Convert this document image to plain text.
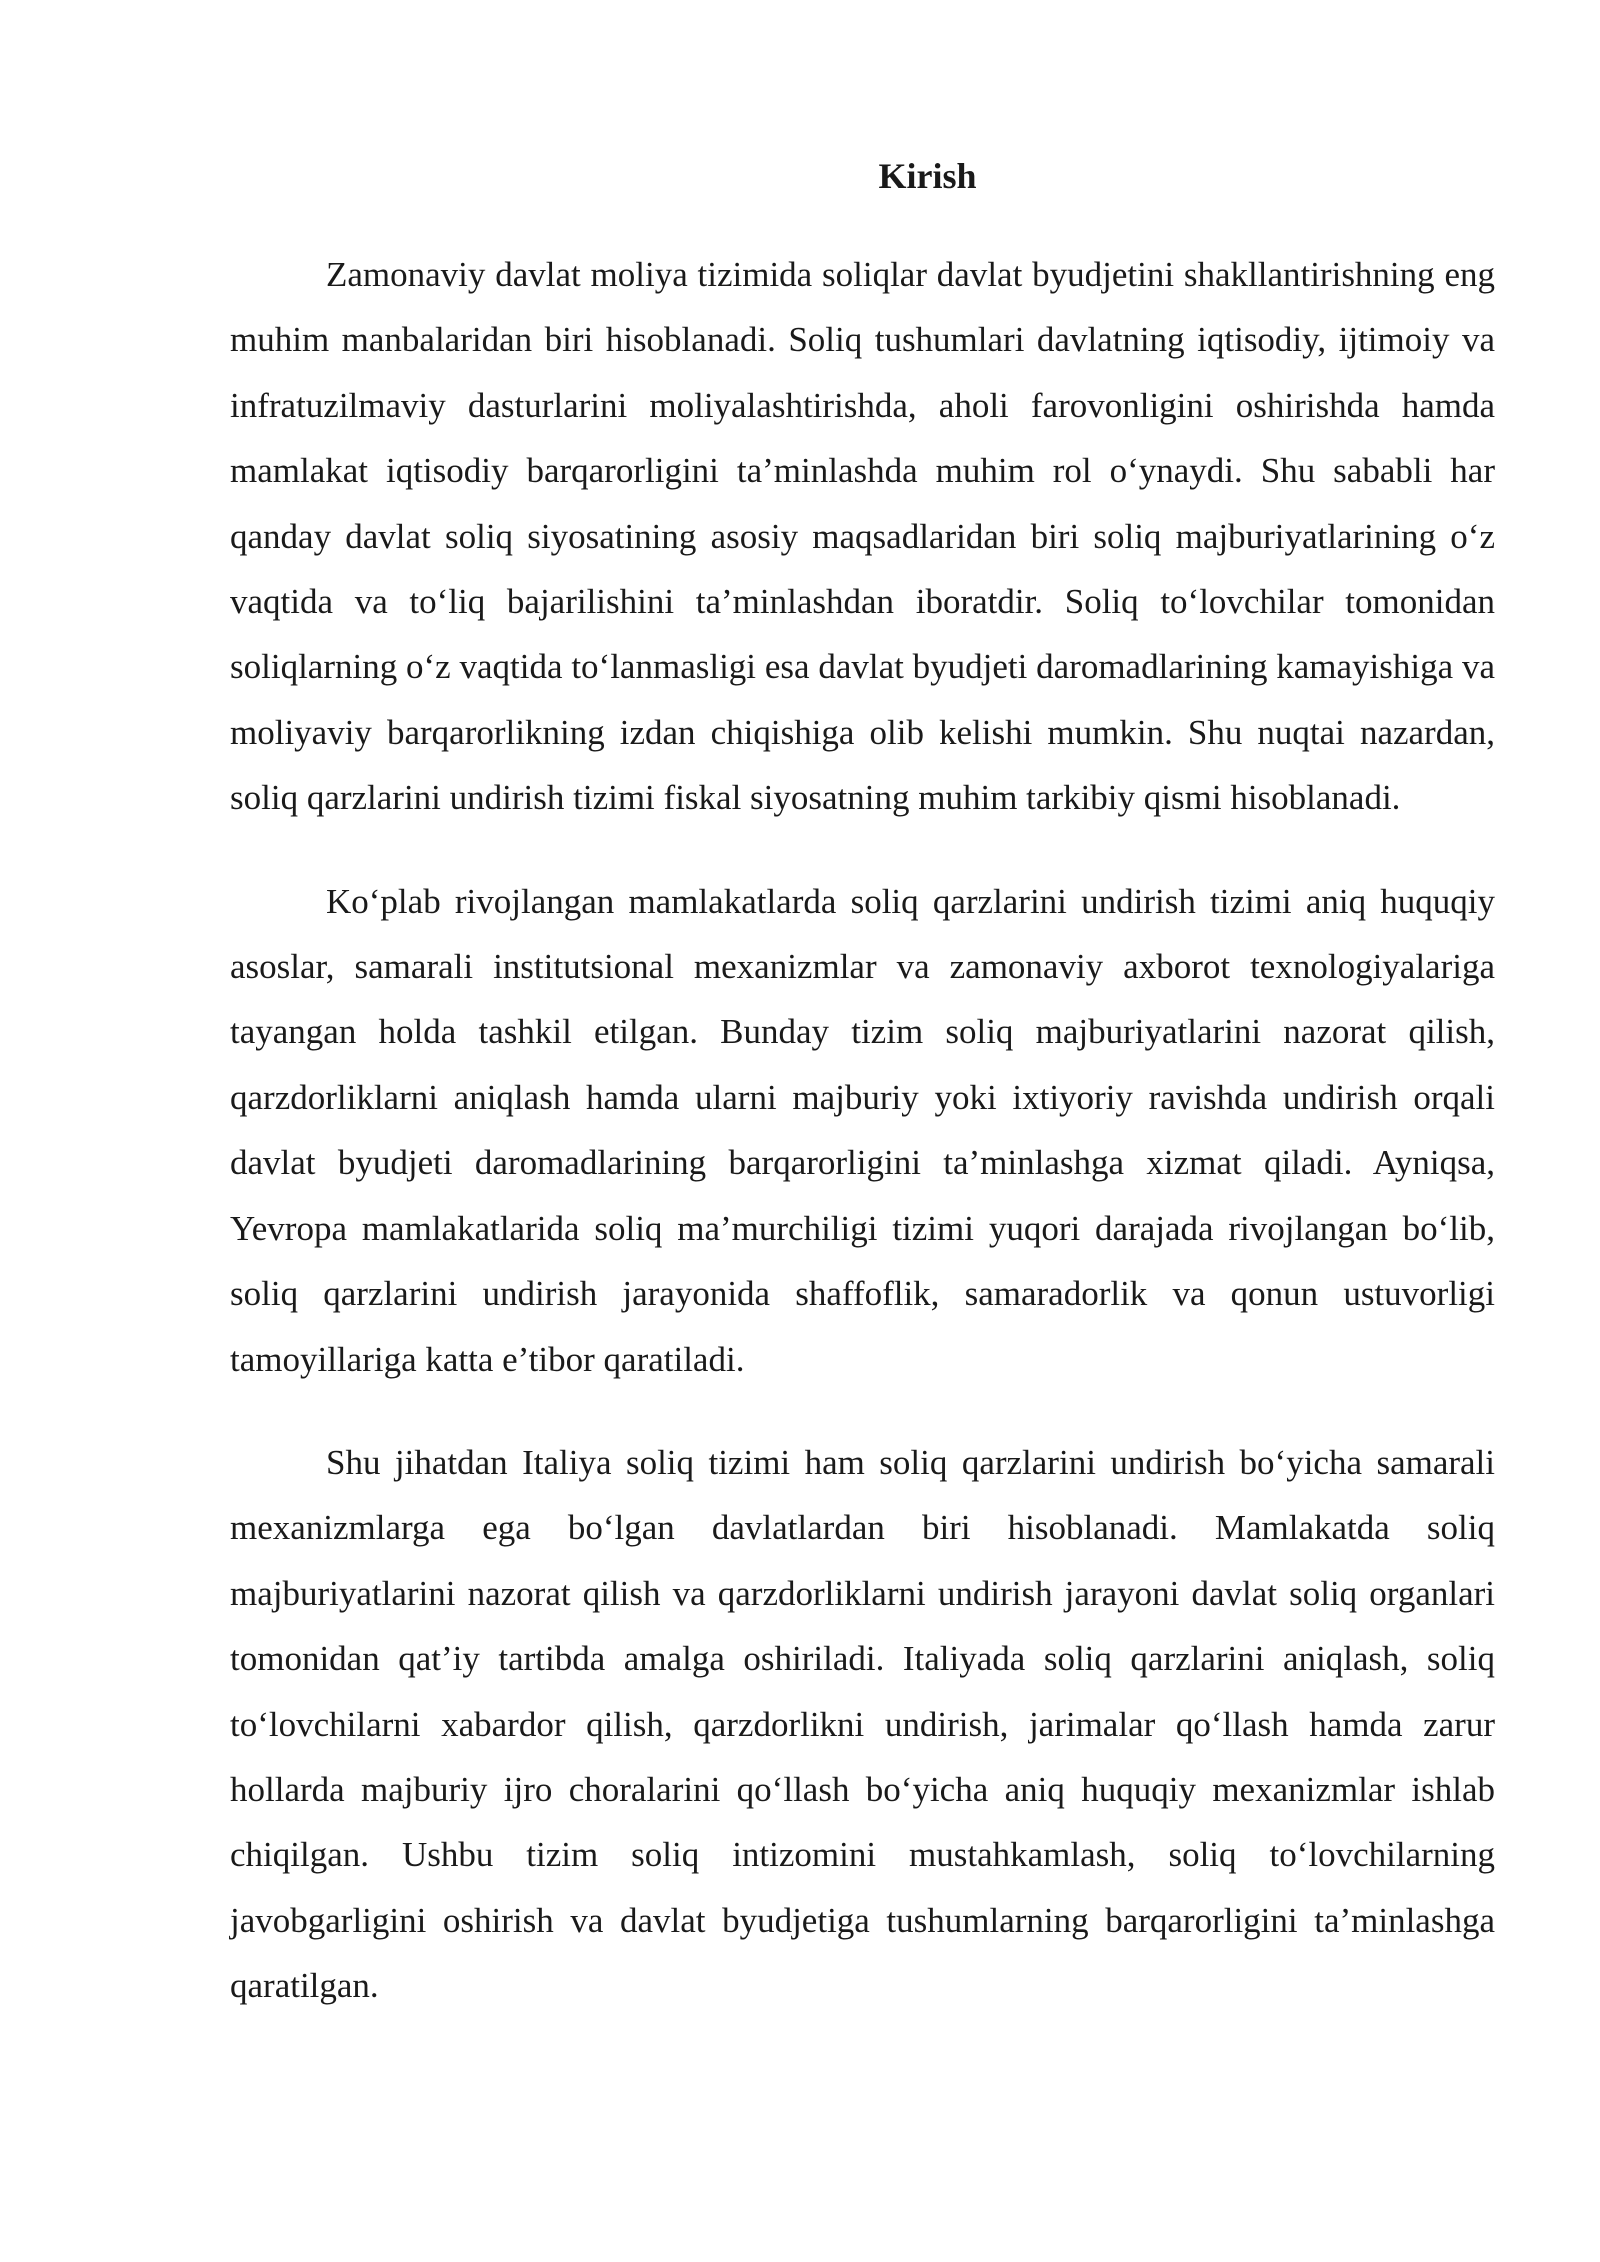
Kirish

Zamonaviy davlat moliya tizimida soliqlar davlat byudjetini shakllantirishning eng muhim manbalaridan biri hisoblanadi. Soliq tushumlari davlatning iqtisodiy, ijtimoiy va infratuzilmaviy dasturlarini moliyalashtirishda, aholi farovonligini oshirishda hamda mamlakat iqtisodiy barqarorligini ta’minlashda muhim rol o‘ynaydi. Shu sababli har qanday davlat soliq siyosatining asosiy maqsadlaridan biri soliq majburiyatlarining o‘z vaqtida va to‘liq bajarilishini ta’minlashdan iboratdir. Soliq to‘lovchilar tomonidan soliqlarning o‘z vaqtida to‘lanmasligi esa davlat byudjeti daromadlarining kamayishiga va moliyaviy barqarorlikning izdan chiqishiga olib kelishi mumkin. Shu nuqtai nazardan, soliq qarzlarini undirish tizimi fiskal siyosatning muhim tarkibiy qismi hisoblanadi.

Ko‘plab rivojlangan mamlakatlarda soliq qarzlarini undirish tizimi aniq huquqiy asoslar, samarali institutsional mexanizmlar va zamonaviy axborot texnologiyalariga tayangan holda tashkil etilgan. Bunday tizim soliq majburiyatlarini nazorat qilish, qarzdorliklarni aniqlash hamda ularni majburiy yoki ixtiyoriy ravishda undirish orqali davlat byudjeti daromadlarining barqarorligini ta’minlashga xizmat qiladi. Ayniqsa, Yevropa mamlakatlarida soliq ma’murchiligi tizimi yuqori darajada rivojlangan bo‘lib, soliq qarzlarini undirish jarayonida shaffoflik, samaradorlik va qonun ustuvorligi tamoyillariga katta e’tibor qaratiladi.

Shu jihatdan Italiya soliq tizimi ham soliq qarzlarini undirish bo‘yicha samarali mexanizmlarga ega bo‘lgan davlatlardan biri hisoblanadi. Mamlakatda soliq majburiyatlarini nazorat qilish va qarzdorliklarni undirish jarayoni davlat soliq organlari tomonidan qat’iy tartibda amalga oshiriladi. Italiyada soliq qarzlarini aniqlash, soliq to‘lovchilarni xabardor qilish, qarzdorlikni undirish, jarimalar qo‘llash hamda zarur hollarda majburiy ijro choralarini qo‘llash bo‘yicha aniq huquqiy mexanizmlar ishlab chiqilgan. Ushbu tizim soliq intizomini mustahkamlash, soliq to‘lovchilarning javobgarligini oshirish va davlat byudjetiga tushumlarning barqarorligini ta’minlashga qaratilgan.
